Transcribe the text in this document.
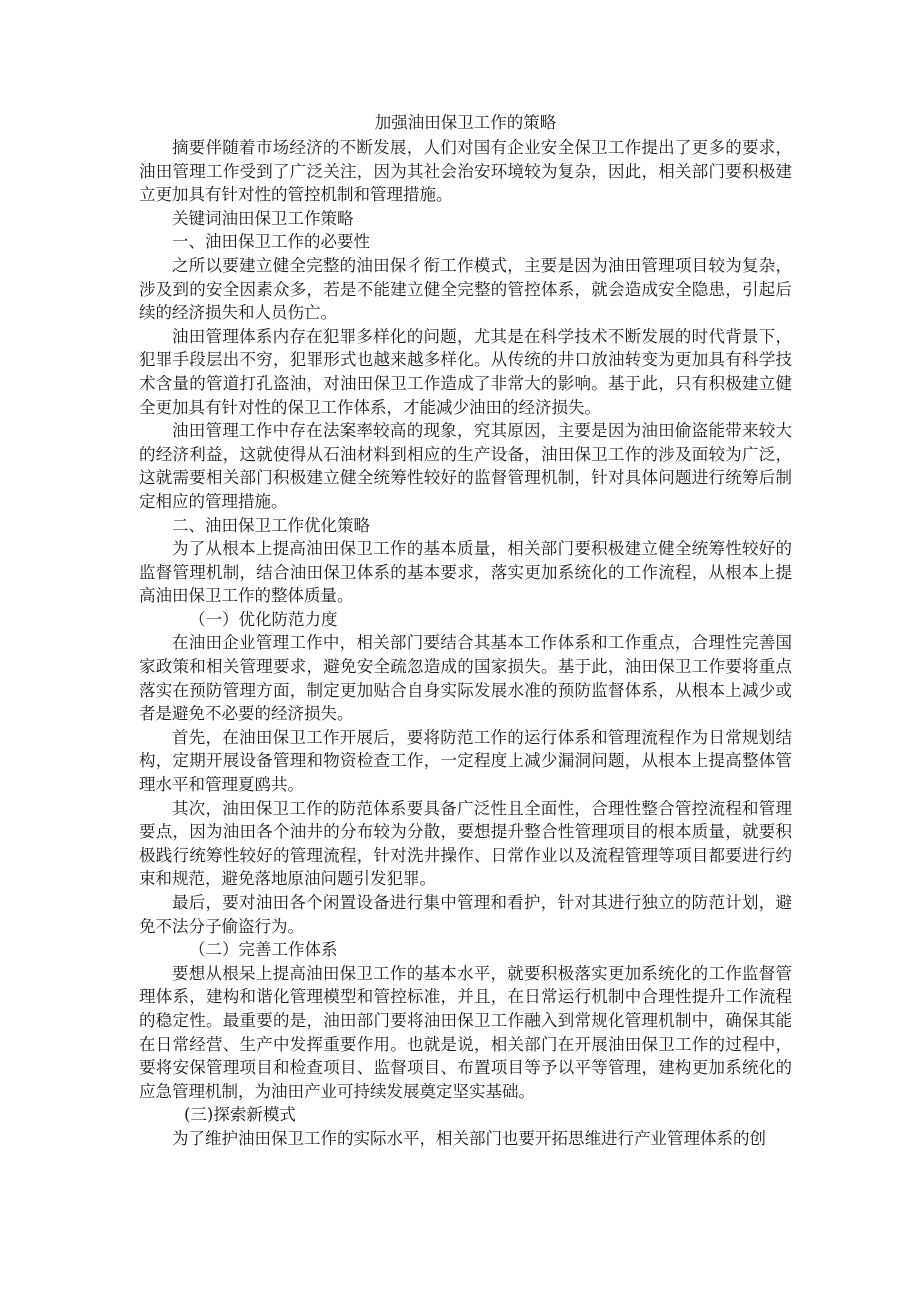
加强油田保卫工作的策略

摘要伴随着市场经济的不断发展，人们对国有企业安全保卫工作提出了更多的要求，油田管理工作受到了广泛关注，因为其社会治安环境较为复杂，因此，相关部门要积极建立更加具有针对性的管控机制和管理措施。

关键词油田保卫工作策略

一、油田保卫工作的必要性

之所以要建立健全完整的油田保彳衔工作模式，主要是因为油田管理项目较为复杂，涉及到的安全因素众多，若是不能建立健全完整的管控体系，就会造成安全隐患，引起后续的经济损失和人员伤亡。

油田管理体系内存在犯罪多样化的问题，尤其是在科学技术不断发展的时代背景下，犯罪手段层出不穷，犯罪形式也越来越多样化。从传统的井口放油转变为更加具有科学技术含量的管道打孔盗油，对油田保卫工作造成了非常大的影响。基于此，只有积极建立健全更加具有针对性的保卫工作体系，才能减少油田的经济损失。

油田管理工作中存在法案率较高的现象，究其原因，主要是因为油田偷盗能带来较大的经济利益，这就使得从石油材料到相应的生产设备，油田保卫工作的涉及面较为广泛，这就需要相关部门积极建立健全统筹性较好的监督管理机制，针对具体问题进行统筹后制定相应的管理措施。

二、油田保卫工作优化策略

为了从根本上提高油田保卫工作的基本质量，相关部门要积极建立健全统筹性较好的监督管理机制，结合油田保卫体系的基本要求，落实更加系统化的工作流程，从根本上提高油田保卫工作的整体质量。

（一）优化防范力度

在油田企业管理工作中，相关部门要结合其基本工作体系和工作重点，合理性完善国家政策和相关管理要求，避免安全疏忽造成的国家损失。基于此，油田保卫工作要将重点落实在预防管理方面，制定更加贴合自身实际发展水准的预防监督体系，从根本上减少或者是避免不必要的经济损失。

首先，在油田保卫工作开展后，要将防范工作的运行体系和管理流程作为日常规划结构，定期开展设备管理和物资检查工作，一定程度上减少漏洞问题，从根本上提高整体管理水平和管理夏鸥共。

其次，油田保卫工作的防范体系要具备广泛性且全面性，合理性整合管控流程和管理要点，因为油田各个油井的分布较为分散，要想提升整合性管理项目的根本质量，就要积极践行统筹性较好的管理流程，针对洗井操作、日常作业以及流程管理等项目都要进行约束和规范，避免落地原油问题引发犯罪。

最后，要对油田各个闲置设备进行集中管理和看护，针对其进行独立的防范计划，避免不法分子偷盗行为。

（二）完善工作体系

要想从根呆上提高油田保卫工作的基本水平，就要积极落实更加系统化的工作监督管理体系，建构和谐化管理模型和管控标准，并且，在日常运行机制中合理性提升工作流程的稳定性。最重要的是，油田部门要将油田保卫工作融入到常规化管理机制中，确保其能在日常经营、生产中发挥重要作用。也就是说，相关部门在开展油田保卫工作的过程中，要将安保管理项目和检查项目、监督项目、布置项目等予以平等管理，建构更加系统化的应急管理机制，为油田产业可持续发展奠定坚实基础。

(三)探索新模式

为了维护油田保卫工作的实际水平，相关部门也要开拓思维进行产业管理体系的创
